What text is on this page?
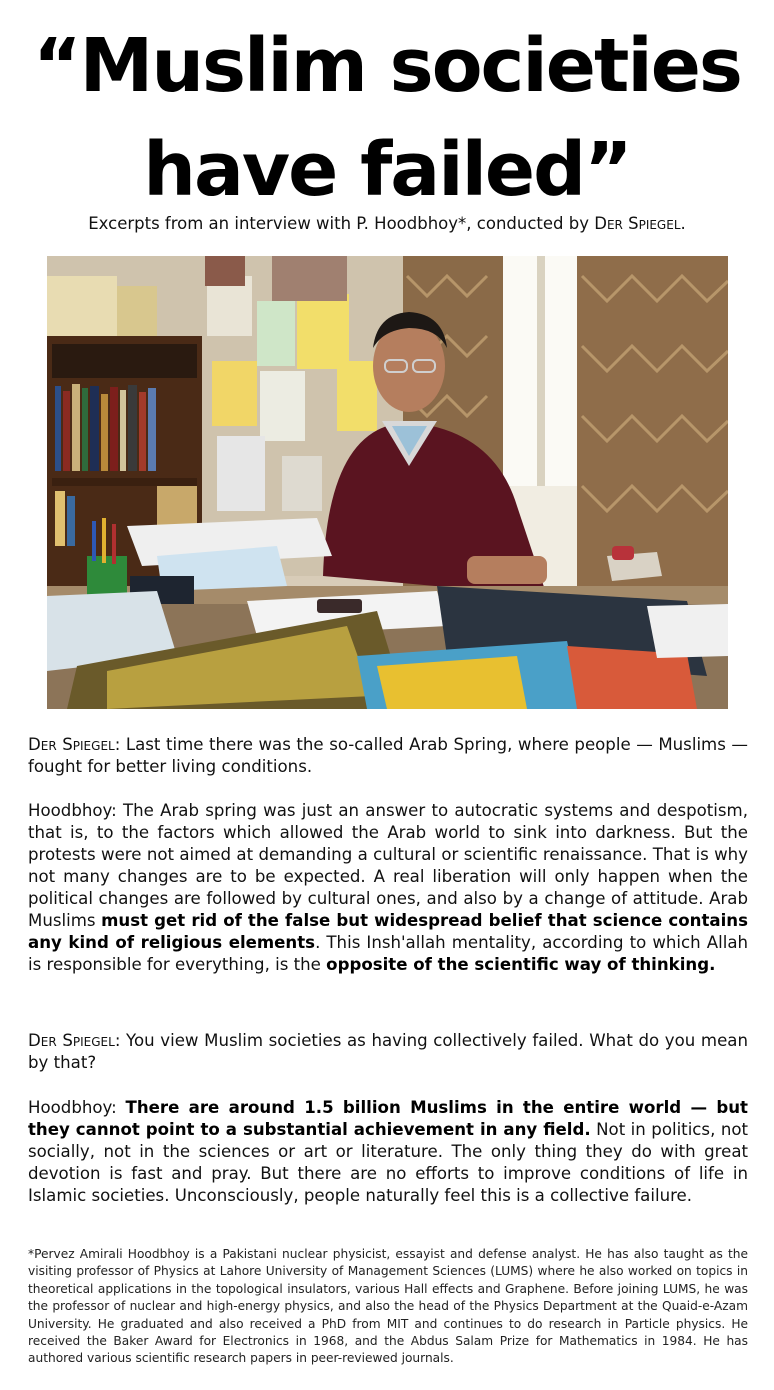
“Muslim societies
have failed”
Excerpts from an interview with P. Hoodbhoy*, conducted by Der Spiegel.
Der Spiegel: Last time there was the so-called Arab Spring, where people — Muslims — fought for better living conditions.
Hoodbhoy: The Arab spring was just an answer to autocratic systems and despotism, that is, to the factors which allowed the Arab world to sink into darkness. But the protests were not aimed at demanding a cultural or scientific renaissance. That is why not many changes are to be expected. A real liberation will only happen when the political changes are followed by cultural ones, and also by a change of attitude. Arab Muslims must get rid of the false but widespread belief that science contains any kind of religious elements. This Insh'allah mentality, according to which Allah is responsible for everything, is the opposite of the scientific way of thinking.
Der Spiegel: You view Muslim societies as having collectively failed. What do you mean by that?
Hoodbhoy: There are around 1.5 billion Muslims in the entire world — but they cannot point to a substantial achievement in any field. Not in politics, not socially, not in the sciences or art or literature. The only thing they do with great devotion is fast and pray. But there are no efforts to improve conditions of life in Islamic societies. Unconsciously, people naturally feel this is a collective failure.
*Pervez Amirali Hoodbhoy is a Pakistani nuclear physicist, essayist and defense analyst. He has also taught as the visiting professor of Physics at Lahore University of Management Sciences (LUMS) where he also worked on topics in theoretical applications in the topological insulators, various Hall effects and Graphene. Before joining LUMS, he was the professor of nuclear and high-energy physics, and also the head of the Physics Department at the Quaid-e-Azam University. He graduated and also received a PhD from MIT and continues to do research in Particle physics. He received the Baker Award for Electronics in 1968, and the Abdus Salam Prize for Mathematics in 1984. He has authored various scientific research papers in peer-reviewed journals.
